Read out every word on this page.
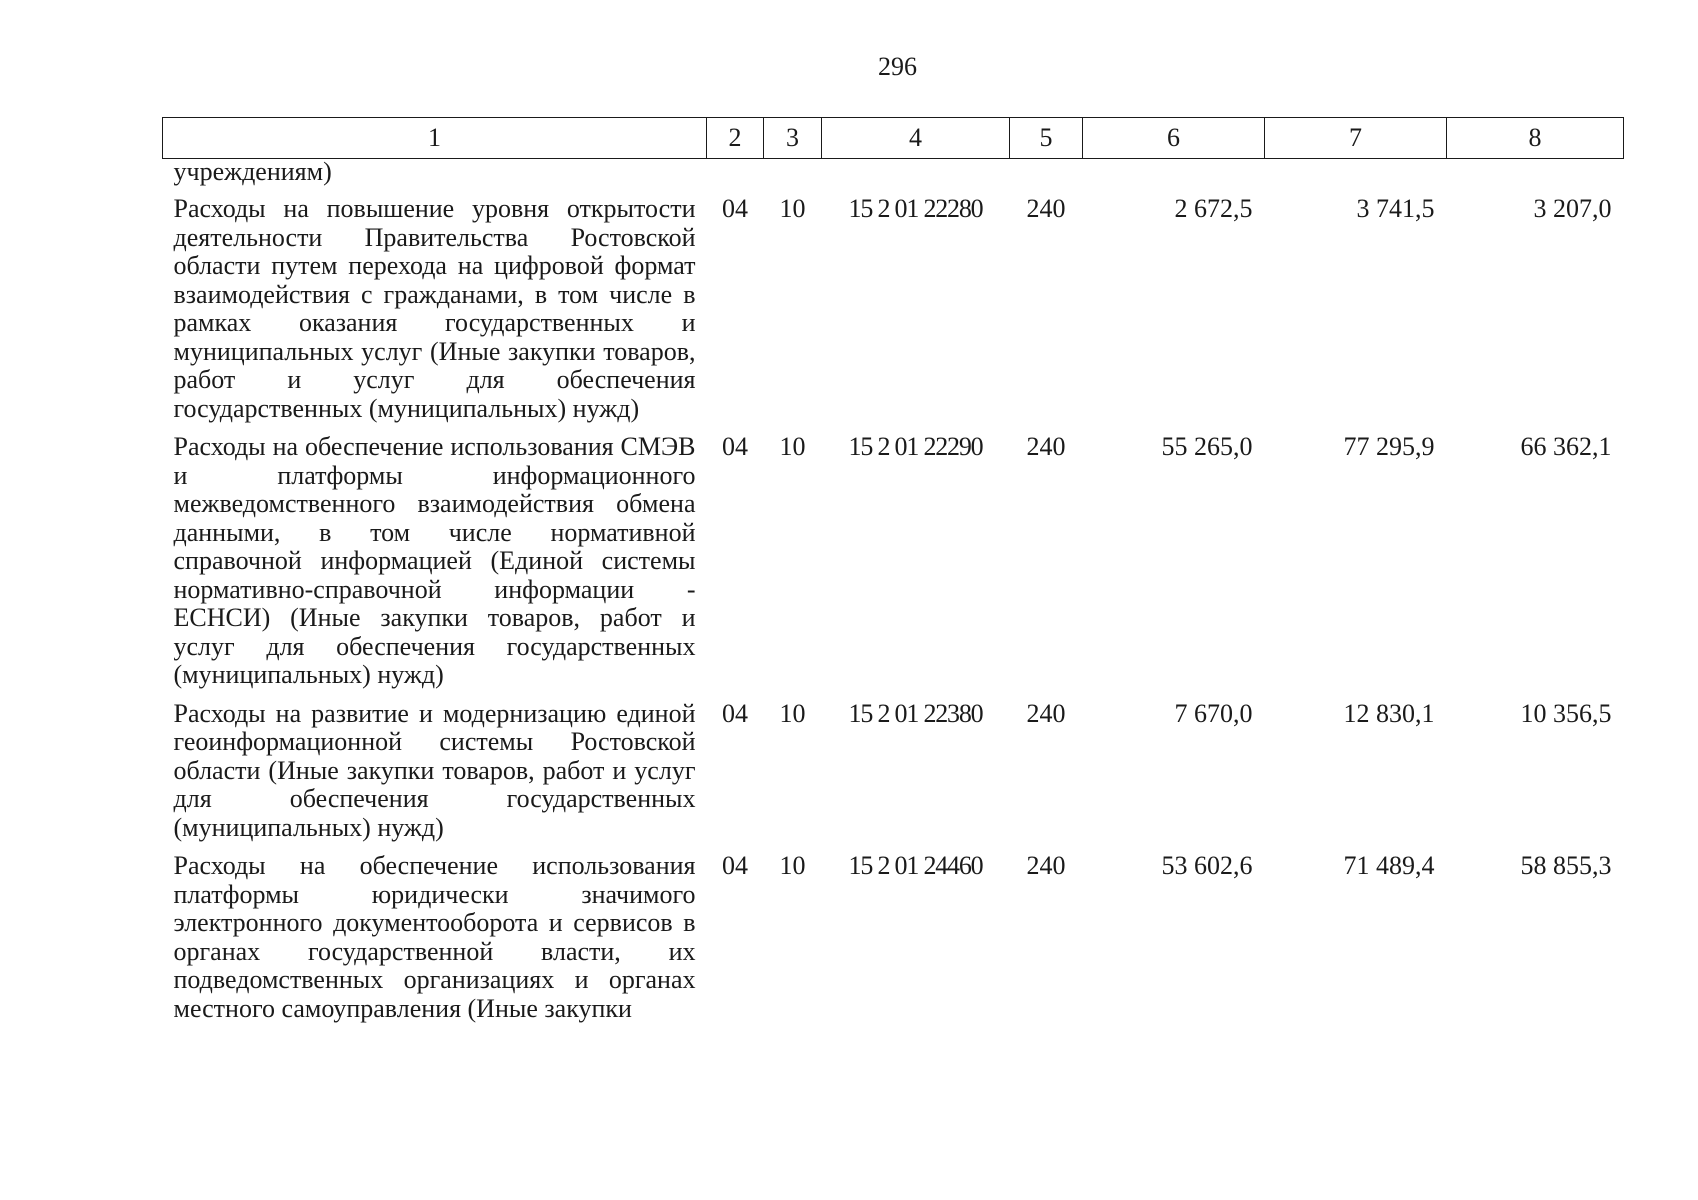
296
1	2	3	4	5	6	7	8
учреждениям)							
Расходы на повышение уровня открытости деятельности Правительства Ростовской области путем перехода на цифровой формат взаимодействия с гражданами, в том числе в рамках оказания государственных и муниципальных услуг (Иные закупки товаров, работ и услуг для обеспечения государственных (муниципальных) нужд)	04	10	15 2 01 22280	240	2 672,5	3 741,5	3 207,0
Расходы на обеспечение использования СМЭВ и платформы информационного межведомственного взаимодействия обмена данными, в том числе нормативной справочной информацией (Единой системы нормативно-справочной информации - ЕСНСИ) (Иные закупки товаров, работ и услуг для обеспечения государственных (муниципальных) нужд)	04	10	15 2 01 22290	240	55 265,0	77 295,9	66 362,1
Расходы на развитие и модернизацию единой геоинформационной системы Ростовской области (Иные закупки товаров, работ и услуг для обеспечения государственных (муниципальных) нужд)	04	10	15 2 01 22380	240	7 670,0	12 830,1	10 356,5
Расходы на обеспечение использования платформы юридически значимого электронного документооборота и сервисов в органах государственной власти, их подведомственных организациях и органах местного самоуправления (Иные закупки	04	10	15 2 01 24460	240	53 602,6	71 489,4	58 855,3
